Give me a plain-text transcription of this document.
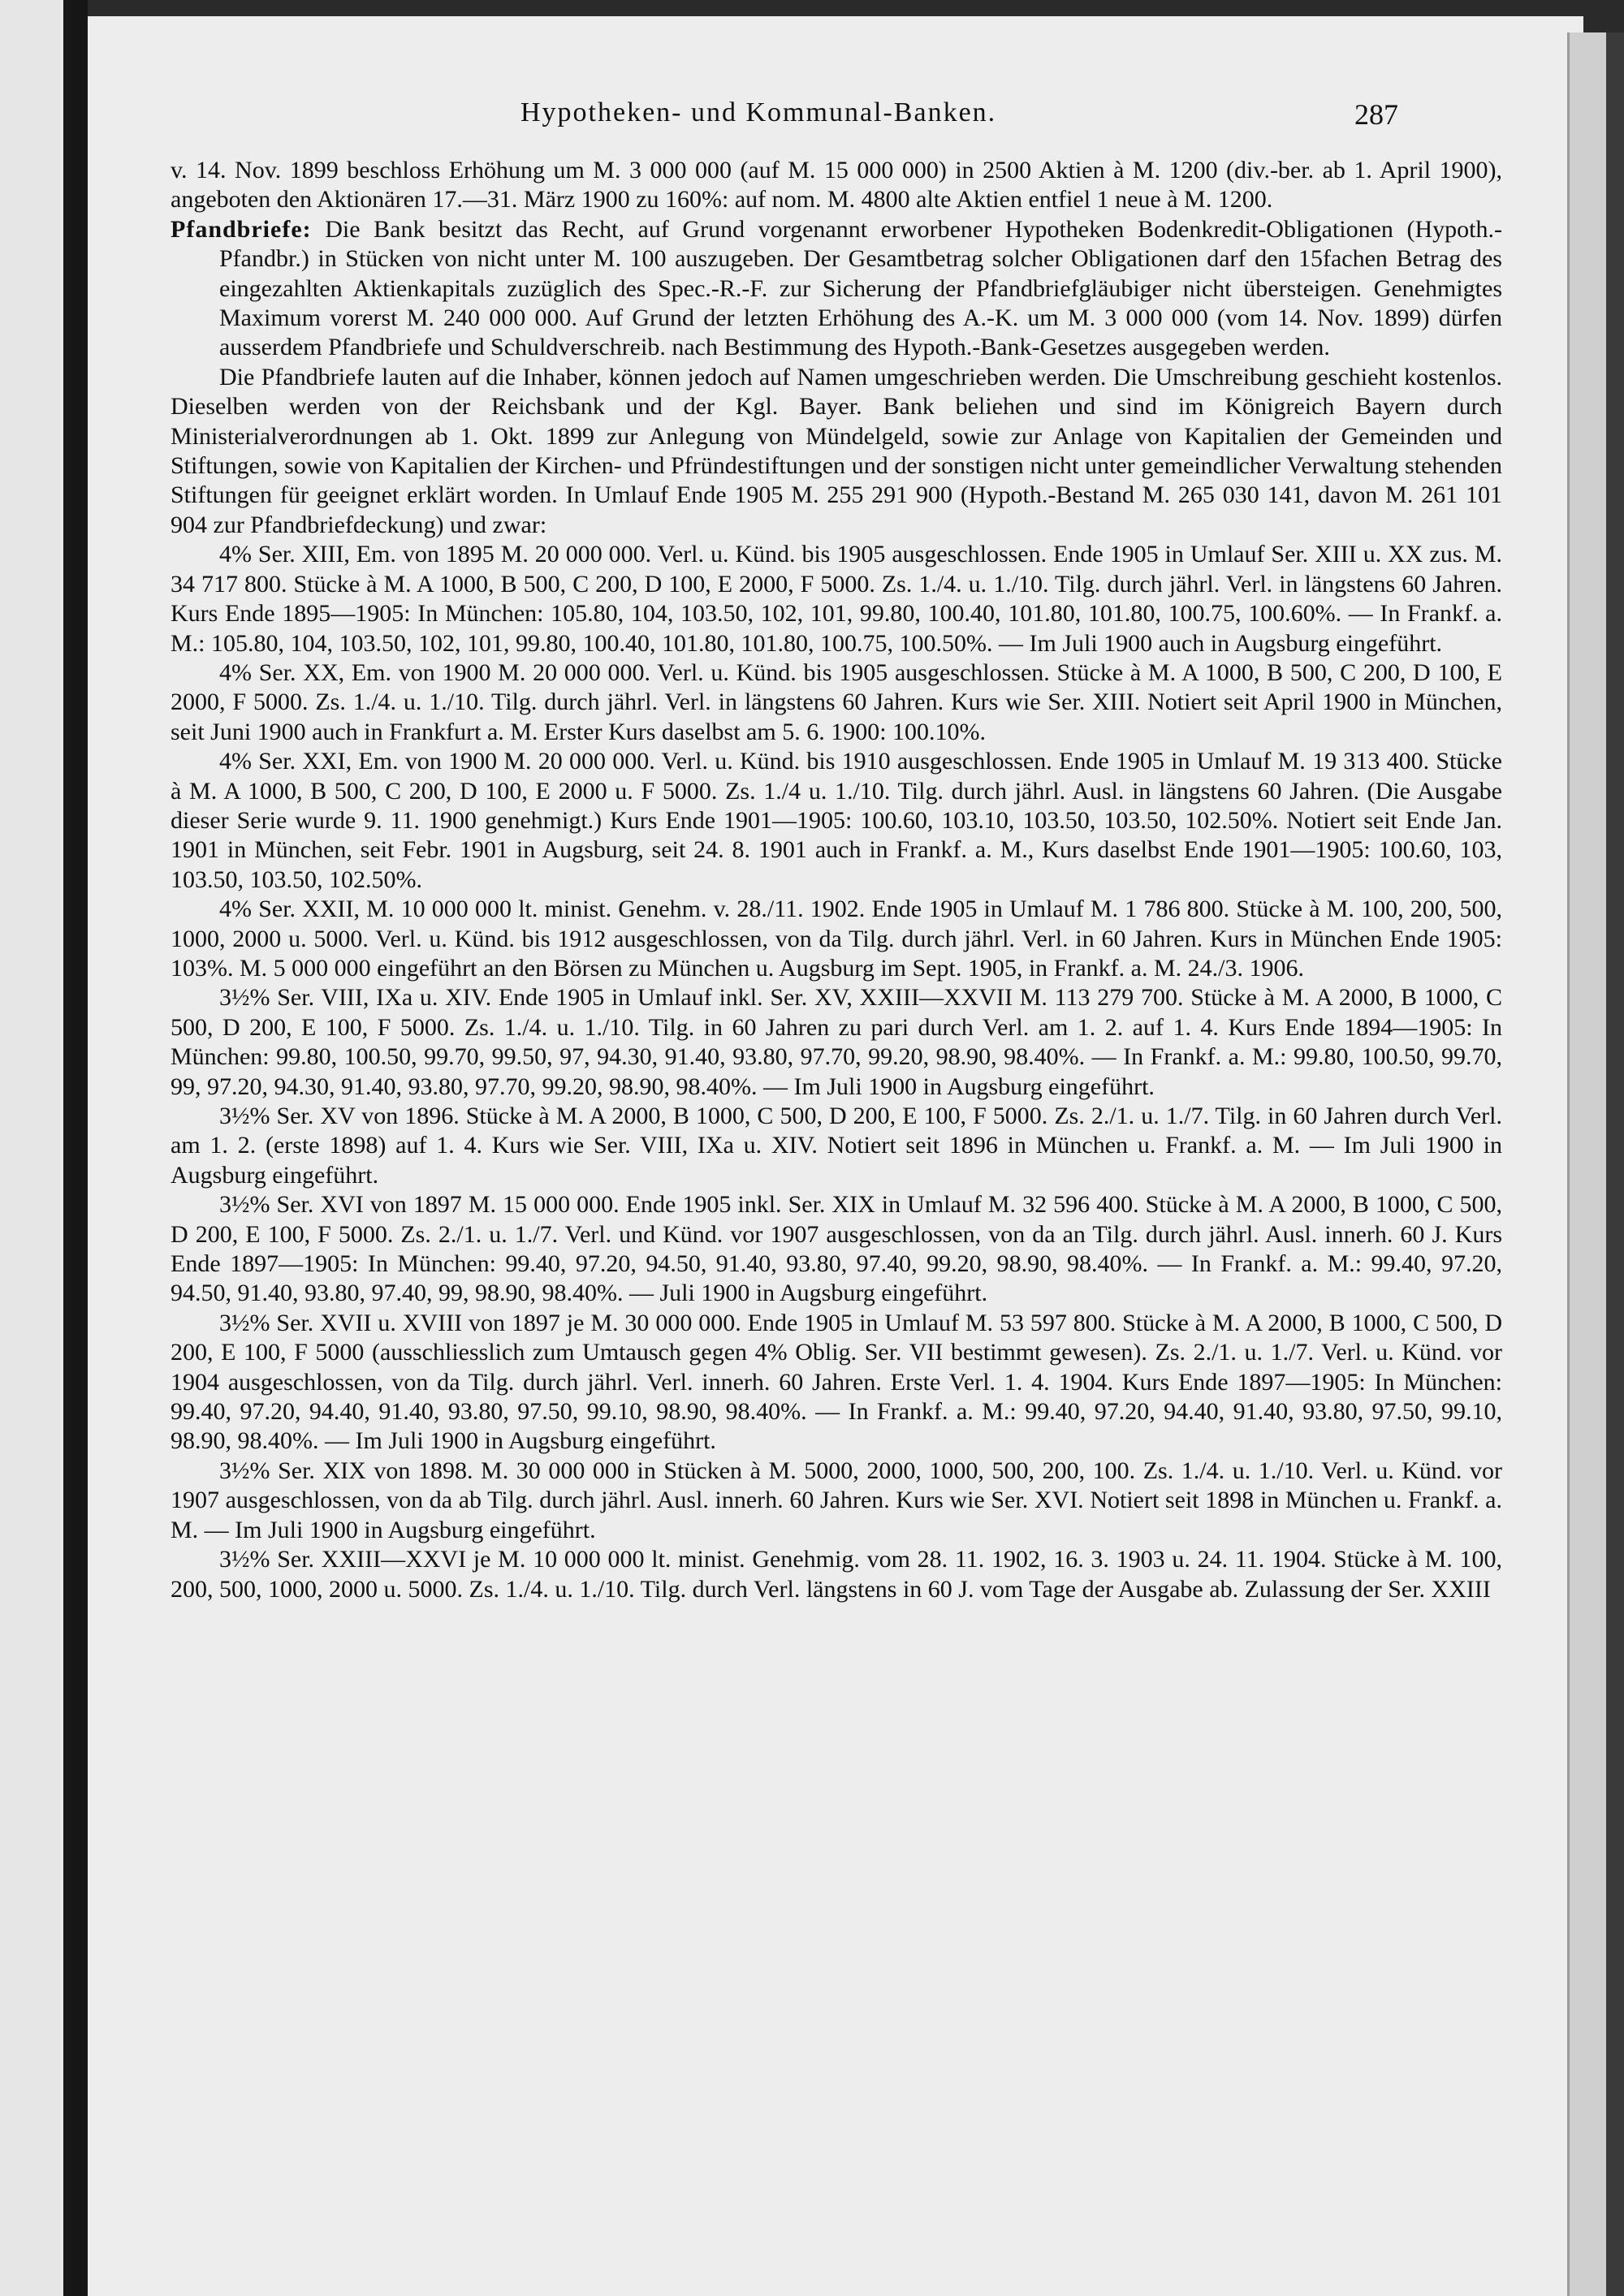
Hypotheken- und Kommunal-Banken.	287

v. 14. Nov. 1899 beschloss Erhöhung um M. 3 000 000 (auf M. 15 000 000) in 2500 Aktien à M. 1200 (div.-ber. ab 1. April 1900), angeboten den Aktionären 17.—31. März 1900 zu 160%: auf nom. M. 4800 alte Aktien entfiel 1 neue à M. 1200.

Pfandbriefe: Die Bank besitzt das Recht, auf Grund vorgenannt erworbener Hypotheken Bodenkredit-Obligationen (Hypoth.-Pfandbr.) in Stücken von nicht unter M. 100 auszugeben. Der Gesamtbetrag solcher Obligationen darf den 15fachen Betrag des eingezahlten Aktienkapitals zuzüglich des Spec.-R.-F. zur Sicherung der Pfandbriefgläubiger nicht übersteigen. Genehmigtes Maximum vorerst M. 240 000 000. Auf Grund der letzten Erhöhung des A.-K. um M. 3 000 000 (vom 14. Nov. 1899) dürfen ausserdem Pfandbriefe und Schuldverschreib. nach Bestimmung des Hypoth.-Bank-Gesetzes ausgegeben werden.

Die Pfandbriefe lauten auf die Inhaber, können jedoch auf Namen umgeschrieben werden. Die Umschreibung geschieht kostenlos. Dieselben werden von der Reichsbank und der Kgl. Bayer. Bank beliehen und sind im Königreich Bayern durch Ministerialverordnungen ab 1. Okt. 1899 zur Anlegung von Mündelgeld, sowie zur Anlage von Kapitalien der Gemeinden und Stiftungen, sowie von Kapitalien der Kirchen- und Pfründestiftungen und der sonstigen nicht unter gemeindlicher Verwaltung stehenden Stiftungen für geeignet erklärt worden. In Umlauf Ende 1905 M. 255 291 900 (Hypoth.-Bestand M. 265 030 141, davon M. 261 101 904 zur Pfandbriefdeckung) und zwar:

4% Ser. XIII, Em. von 1895 M. 20 000 000. Verl. u. Künd. bis 1905 ausgeschlossen. Ende 1905 in Umlauf Ser. XIII u. XX zus. M. 34 717 800. Stücke à M. A 1000, B 500, C 200, D 100, E 2000, F 5000. Zs. 1./4. u. 1./10. Tilg. durch jährl. Verl. in längstens 60 Jahren. Kurs Ende 1895—1905: In München: 105.80, 104, 103.50, 102, 101, 99.80, 100.40, 101.80, 101.80, 100.75, 100.60%. — In Frankf. a. M.: 105.80, 104, 103.50, 102, 101, 99.80, 100.40, 101.80, 101.80, 100.75, 100.50%. — Im Juli 1900 auch in Augsburg eingeführt.

4% Ser. XX, Em. von 1900 M. 20 000 000. Verl. u. Künd. bis 1905 ausgeschlossen. Stücke à M. A 1000, B 500, C 200, D 100, E 2000, F 5000. Zs. 1./4. u. 1./10. Tilg. durch jährl. Verl. in längstens 60 Jahren. Kurs wie Ser. XIII. Notiert seit April 1900 in München, seit Juni 1900 auch in Frankfurt a. M. Erster Kurs daselbst am 5. 6. 1900: 100.10%.

4% Ser. XXI, Em. von 1900 M. 20 000 000. Verl. u. Künd. bis 1910 ausgeschlossen. Ende 1905 in Umlauf M. 19 313 400. Stücke à M. A 1000, B 500, C 200, D 100, E 2000 u. F 5000. Zs. 1./4 u. 1./10. Tilg. durch jährl. Ausl. in längstens 60 Jahren. (Die Ausgabe dieser Serie wurde 9. 11. 1900 genehmigt.) Kurs Ende 1901—1905: 100.60, 103.10, 103.50, 103.50, 102.50%. Notiert seit Ende Jan. 1901 in München, seit Febr. 1901 in Augsburg, seit 24. 8. 1901 auch in Frankf. a. M., Kurs daselbst Ende 1901—1905: 100.60, 103, 103.50, 103.50, 102.50%.

4% Ser. XXII, M. 10 000 000 lt. minist. Genehm. v. 28./11. 1902. Ende 1905 in Umlauf M. 1 786 800. Stücke à M. 100, 200, 500, 1000, 2000 u. 5000. Verl. u. Künd. bis 1912 ausgeschlossen, von da Tilg. durch jährl. Verl. in 60 Jahren. Kurs in München Ende 1905: 103%. M. 5 000 000 eingeführt an den Börsen zu München u. Augsburg im Sept. 1905, in Frankf. a. M. 24./3. 1906.

3½% Ser. VIII, IXa u. XIV. Ende 1905 in Umlauf inkl. Ser. XV, XXIII—XXVII M. 113 279 700. Stücke à M. A 2000, B 1000, C 500, D 200, E 100, F 5000. Zs. 1./4. u. 1./10. Tilg. in 60 Jahren zu pari durch Verl. am 1. 2. auf 1. 4. Kurs Ende 1894—1905: In München: 99.80, 100.50, 99.70, 99.50, 97, 94.30, 91.40, 93.80, 97.70, 99.20, 98.90, 98.40%. — In Frankf. a. M.: 99.80, 100.50, 99.70, 99, 97.20, 94.30, 91.40, 93.80, 97.70, 99.20, 98.90, 98.40%. — Im Juli 1900 in Augsburg eingeführt.

3½% Ser. XV von 1896. Stücke à M. A 2000, B 1000, C 500, D 200, E 100, F 5000. Zs. 2./1. u. 1./7. Tilg. in 60 Jahren durch Verl. am 1. 2. (erste 1898) auf 1. 4. Kurs wie Ser. VIII, IXa u. XIV. Notiert seit 1896 in München u. Frankf. a. M. — Im Juli 1900 in Augsburg eingeführt.

3½% Ser. XVI von 1897 M. 15 000 000. Ende 1905 inkl. Ser. XIX in Umlauf M. 32 596 400. Stücke à M. A 2000, B 1000, C 500, D 200, E 100, F 5000. Zs. 2./1. u. 1./7. Verl. und Künd. vor 1907 ausgeschlossen, von da an Tilg. durch jährl. Ausl. innerh. 60 J. Kurs Ende 1897—1905: In München: 99.40, 97.20, 94.50, 91.40, 93.80, 97.40, 99.20, 98.90, 98.40%. — In Frankf. a. M.: 99.40, 97.20, 94.50, 91.40, 93.80, 97.40, 99, 98.90, 98.40%. — Juli 1900 in Augsburg eingeführt.

3½% Ser. XVII u. XVIII von 1897 je M. 30 000 000. Ende 1905 in Umlauf M. 53 597 800. Stücke à M. A 2000, B 1000, C 500, D 200, E 100, F 5000 (ausschliesslich zum Umtausch gegen 4% Oblig. Ser. VII bestimmt gewesen). Zs. 2./1. u. 1./7. Verl. u. Künd. vor 1904 ausgeschlossen, von da Tilg. durch jährl. Verl. innerh. 60 Jahren. Erste Verl. 1. 4. 1904. Kurs Ende 1897—1905: In München: 99.40, 97.20, 94.40, 91.40, 93.80, 97.50, 99.10, 98.90, 98.40%. — In Frankf. a. M.: 99.40, 97.20, 94.40, 91.40, 93.80, 97.50, 99.10, 98.90, 98.40%. — Im Juli 1900 in Augsburg eingeführt.

3½% Ser. XIX von 1898. M. 30 000 000 in Stücken à M. 5000, 2000, 1000, 500, 200, 100. Zs. 1./4. u. 1./10. Verl. u. Künd. vor 1907 ausgeschlossen, von da ab Tilg. durch jährl. Ausl. innerh. 60 Jahren. Kurs wie Ser. XVI. Notiert seit 1898 in München u. Frankf. a. M. — Im Juli 1900 in Augsburg eingeführt.

3½% Ser. XXIII—XXVI je M. 10 000 000 lt. minist. Genehmig. vom 28. 11. 1902, 16. 3. 1903 u. 24. 11. 1904. Stücke à M. 100, 200, 500, 1000, 2000 u. 5000. Zs. 1./4. u. 1./10. Tilg. durch Verl. längstens in 60 J. vom Tage der Ausgabe ab. Zulassung der Ser. XXIII
